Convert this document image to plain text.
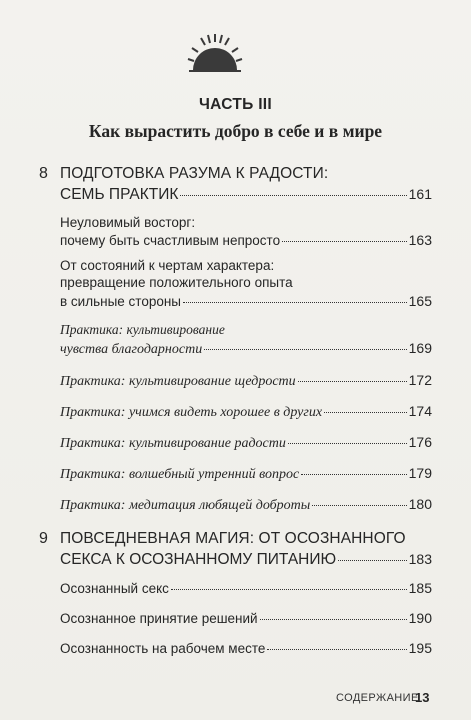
ЧАСТЬ III
Как вырастить добро в себе и в мире
8 ПОДГОТОВКА РАЗУМА К РАДОСТИ:
СЕМЬ ПРАКТИК	161
Неуловимый восторг:
почему быть счастливым непросто	163
От состояний к чертам характера:
превращение положительного опыта
в сильные стороны	165
Практика: культивирование
чувства благодарности	169
Практика: культивирование щедрости	172
Практика: учимся видеть хорошее в других	174
Практика: культивирование радости	176
Практика: волшебный утренний вопрос	179
Практика: медитация любящей доброты	180
9 ПОВСЕДНЕВНАЯ МАГИЯ: ОТ ОСОЗНАННОГО
СЕКСА К ОСОЗНАННОМУ ПИТАНИЮ	183
Осознанный секс	185
Осознанное принятие решений	190
Осознанность на рабочем месте	195
СОДЕРЖАНИЕ
13
